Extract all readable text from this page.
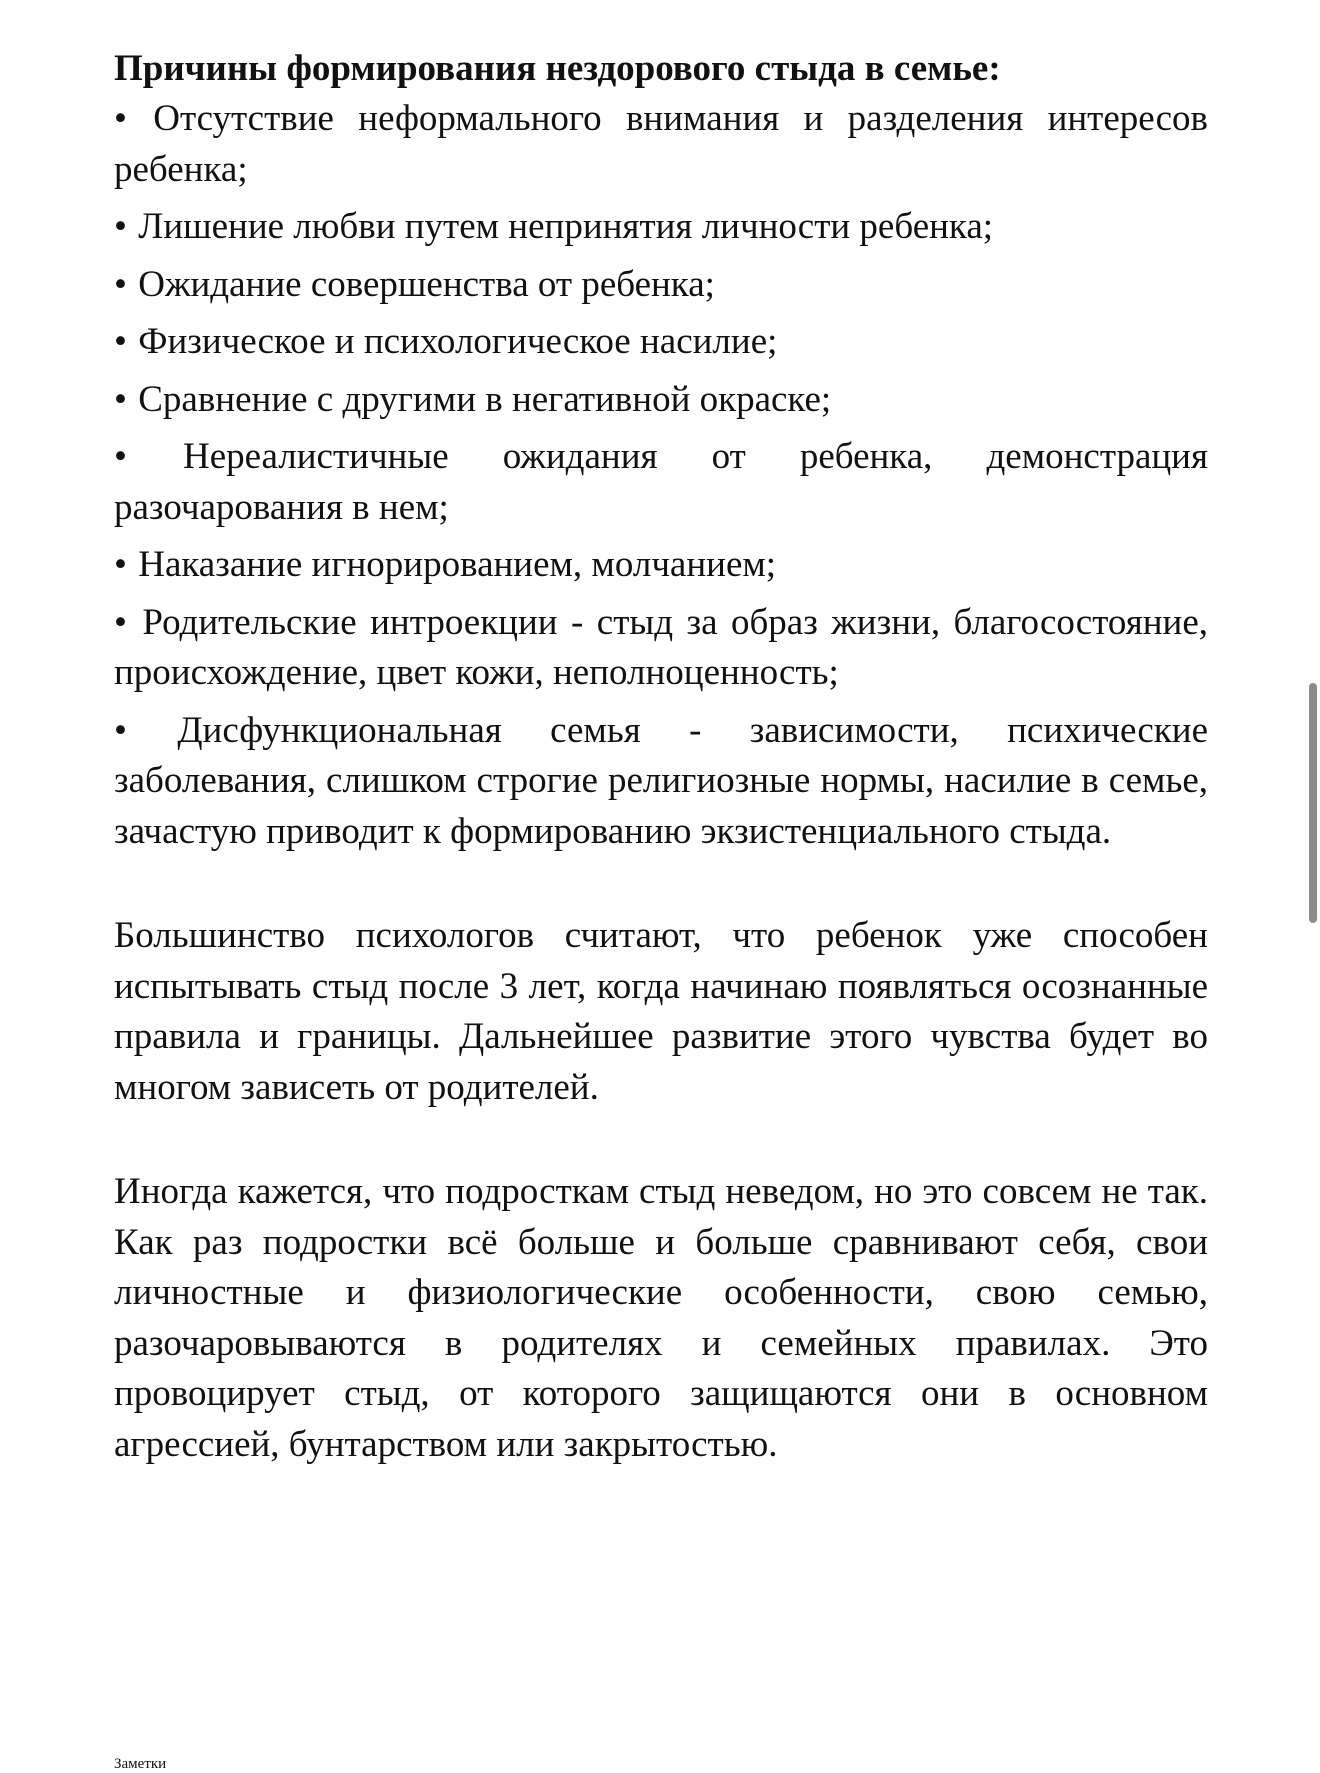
Причины формирования нездорового стыда в семье:
• Отсутствие неформального внимания и разделения интересов ребенка;
• Лишение любви путем непринятия личности ребенка;
• Ожидание совершенства от ребенка;
• Физическое и психологическое насилие;
• Сравнение с другими в негативной окраске;
• Нереалистичные ожидания от ребенка, демонстрация разочарования в нем;
• Наказание игнорированием, молчанием;
• Родительские интроекции - стыд за образ жизни, благосостояние, происхождение, цвет кожи, неполноценность;
• Дисфункциональная семья - зависимости, психические заболевания, слишком строгие религиозные нормы, насилие в семье, зачастую приводит к формированию экзистенциального стыда.

Большинство психологов считают, что ребенок уже способен испытывать стыд после 3 лет, когда начинаю появляться осознанные правила и границы. Дальнейшее развитие этого чувства будет во многом зависеть от родителей.

Иногда кажется, что подросткам стыд неведом, но это совсем не так. Как раз подростки всё больше и больше сравнивают себя, свои личностные и физиологические особенности, свою семью, разочаровываются в родителях и семейных правилах. Это провоцирует стыд, от которого защищаются они в основном агрессией, бунтарством или закрытостью.

Заметки
